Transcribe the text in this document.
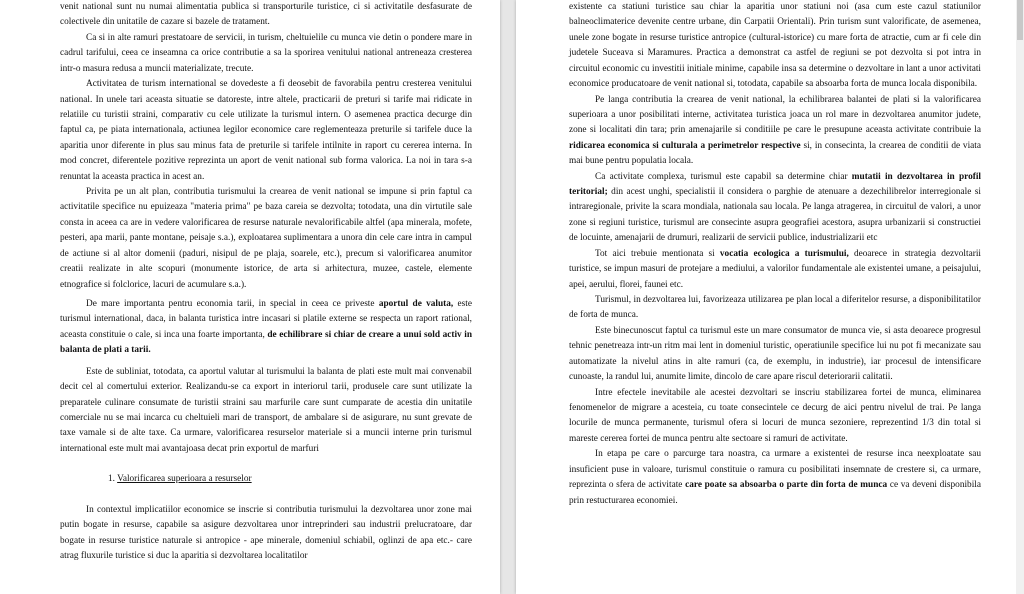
venit national sunt nu numai alimentatia publica si transporturile turistice, ci si activitatile desfasurate de colectivele din unitatile de cazare si bazele de tratament.

Ca si in alte ramuri prestatoare de servicii, in turism, cheltuielile cu munca vie detin o pondere mare in cadrul tarifului, ceea ce inseamna ca orice contributie a sa la sporirea venitului national antreneaza cresterea intr-o masura redusa a muncii materializate, trecute.

Activitatea de turism international se dovedeste a fi deosebit de favorabila pentru cresterea venitului national. In unele tari aceasta situatie se datoreste, intre altele, practicarii de preturi si tarife mai ridicate in relatiile cu turistii straini, comparativ cu cele utilizate la turismul intern. O asemenea practica decurge din faptul ca, pe piata internationala, actiunea legilor economice care reglementeaza preturile si tarifele duce la aparitia unor diferente in plus sau minus fata de preturile si tarifele intilnite in raport cu cererea interna. In mod concret, diferentele pozitive reprezinta un aport de venit national sub forma valorica. La noi in tara s-a renuntat la aceasta practica in acest an.

Privita pe un alt plan, contributia turismului la crearea de venit national se impune si prin faptul ca activitatile specifice nu epuizeaza "materia prima" pe baza careia se dezvolta; totodata, una din virtutile sale consta in aceea ca are in vedere valorificarea de resurse naturale nevalorificabile altfel (apa minerala, mofete, pesteri, apa marii, pante montane, peisaje s.a.), exploatarea suplimentara a unora din cele care intra in campul de actiune si al altor domenii (paduri, nisipul de pe plaja, soarele, etc.), precum si valorificarea anumitor creatii realizate in alte scopuri (monumente istorice, de arta si arhitectura, muzee, castele, elemente etnografice si folclorice, lacuri de acumulare s.a.).

De mare importanta pentru economia tarii, in special in ceea ce priveste aportul de valuta, este turismul international, daca, in balanta turistica intre incasari si platile externe se respecta un raport rational, aceasta constituie o cale, si inca una foarte importanta, de echilibrare si chiar de creare a unui sold activ in balanta de plati a tarii.

Este de subliniat, totodata, ca aportul valutar al turismului la balanta de plati este mult mai convenabil decit cel al comertului exterior. Realizandu-se ca export in interiorul tarii, produsele care sunt utilizate la preparatele culinare consumate de turistii straini sau marfurile care sunt cumparate de acestia din unitatile comerciale nu se mai incarca cu cheltuieli mari de transport, de ambalare si de asigurare, nu sunt grevate de taxe vamale si de alte taxe. Ca urmare, valorificarea resurselor materiale si a muncii interne prin turismul international este mult mai avantajoasa decat prin exportul de marfuri

1. Valorificarea superioara a resurselor

In contextul implicatiilor economice se inscrie si contributia turismului la dezvoltarea unor zone mai putin bogate in resurse, capabile sa asigure dezvoltarea unor intreprinderi sau industrii prelucratoare, dar bogate in resurse turistice naturale si antropice - ape minerale, domeniul schiabil, oglinzi de apa etc.- care atrag fluxurile turistice si duc la aparitia si dezvoltarea localitatilor

existente ca statiuni turistice sau chiar la aparitia unor statiuni noi (asa cum este cazul statiunilor balneoclimaterice devenite centre urbane, din Carpatii Orientali). Prin turism sunt valorificate, de asemenea, unele zone bogate in resurse turistice antropice (cultural-istorice) cu mare forta de atractie, cum ar fi cele din judetele Suceava si Maramures. Practica a demonstrat ca astfel de regiuni se pot dezvolta si pot intra in circuitul economic cu investitii initiale minime, capabile insa sa determine o dezvoltare in lant a unor activitati economice producatoare de venit national si, totodata, capabile sa absoarba forta de munca locala disponibila.

Pe langa contributia la crearea de venit national, la echilibrarea balantei de plati si la valorificarea superioara a unor posibilitati interne, activitatea turistica joaca un rol mare in dezvoltarea anumitor judete, zone si localitati din tara; prin amenajarile si conditiile pe care le presupune aceasta activitate contribuie la ridicarea economica si culturala a perimetrelor respective si, in consecinta, la crearea de conditii de viata mai bune pentru populatia locala.

Ca activitate complexa, turismul este capabil sa determine chiar mutatii in dezvoltarea in profil teritorial; din acest unghi, specialistii il considera o parghie de atenuare a dezechilibrelor interregionale si intraregionale, privite la scara mondiala, nationala sau locala. Pe langa atragerea, in circuitul de valori, a unor zone si regiuni turistice, turismul are consecinte asupra geografiei acestora, asupra urbanizarii si constructiei de locuinte, amenajarii de drumuri, realizarii de servicii publice, industrializarii etc

Tot aici trebuie mentionata si vocatia ecologica a turismului, deoarece in strategia dezvoltarii turistice, se impun masuri de protejare a mediului, a valorilor fundamentale ale existentei umane, a peisajului, apei, aerului, florei, faunei etc.

Turismul, in dezvoltarea lui, favorizeaza utilizarea pe plan local a diferitelor resurse, a disponibilitatilor de forta de munca.

Este binecunoscut faptul ca turismul este un mare consumator de munca vie, si asta deoarece progresul tehnic penetreaza intr-un ritm mai lent in domeniul turistic, operatiunile specifice lui nu pot fi mecanizate sau automatizate la nivelul atins in alte ramuri (ca, de exemplu, in industrie), iar procesul de intensificare cunoaste, la randul lui, anumite limite, dincolo de care apare riscul deteriorarii calitatii.

Intre efectele inevitabile ale acestei dezvoltari se inscriu stabilizarea fortei de munca, eliminarea fenomenelor de migrare a acesteia, cu toate consecintele ce decurg de aici pentru nivelul de trai. Pe langa locurile de munca permanente, turismul ofera si locuri de munca sezoniere, reprezentind 1/3 din total si mareste cererea fortei de munca pentru alte sectoare si ramuri de activitate.

In etapa pe care o parcurge tara noastra, ca urmare a existentei de resurse inca neexploatate sau insuficient puse in valoare, turismul constituie o ramura cu posibilitati insemnate de crestere si, ca urmare, reprezinta o sfera de activitate care poate sa absoarba o parte din forta de munca ce va deveni disponibila prin restucturarea economiei.
